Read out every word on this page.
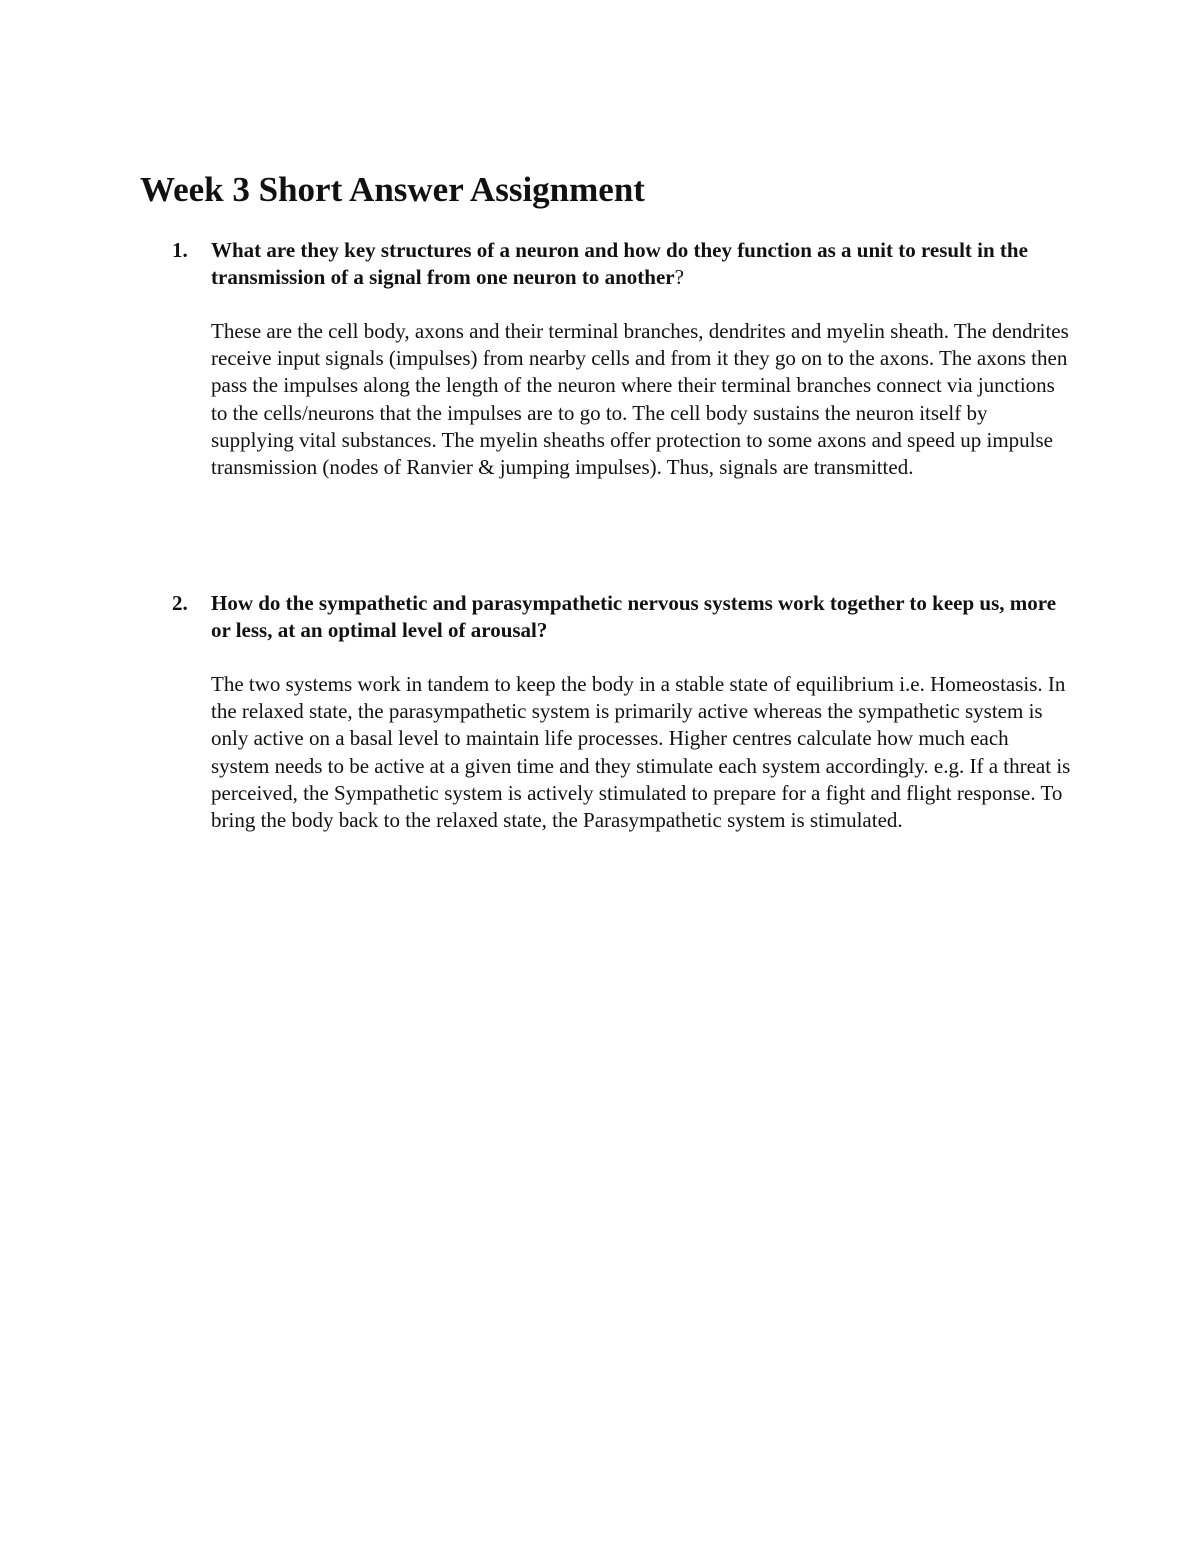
Week 3 Short Answer Assignment
1. What are they key structures of a neuron and how do they function as a unit to result in the transmission of a signal from one neuron to another?

These are the cell body, axons and their terminal branches, dendrites and myelin sheath. The dendrites receive input signals (impulses) from nearby cells and from it they go on to the axons. The axons then pass the impulses along the length of the neuron where their terminal branches connect via junctions to the cells/neurons that the impulses are to go to. The cell body sustains the neuron itself by supplying vital substances. The myelin sheaths offer protection to some axons and speed up impulse transmission (nodes of Ranvier & jumping impulses). Thus, signals are transmitted.

2. How do the sympathetic and parasympathetic nervous systems work together to keep us, more or less, at an optimal level of arousal?

The two systems work in tandem to keep the body in a stable state of equilibrium i.e. Homeostasis. In the relaxed state, the parasympathetic system is primarily active whereas the sympathetic system is only active on a basal level to maintain life processes. Higher centres calculate how much each system needs to be active at a given time and they stimulate each system accordingly. e.g. If a threat is perceived, the Sympathetic system is actively stimulated to prepare for a fight and flight response. To bring the body back to the relaxed state, the Parasympathetic system is stimulated.
